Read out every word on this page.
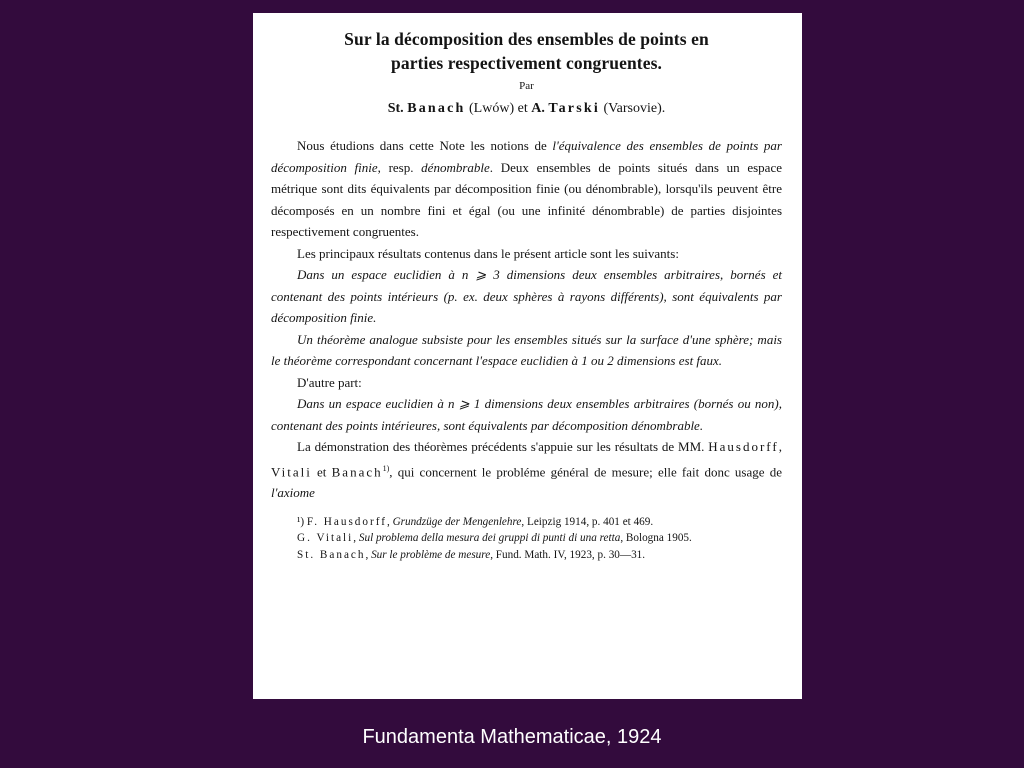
Sur la décomposition des ensembles de points en
parties respectivement congruentes.
Par
St. Banach (Lwów) et A. Tarski (Varsovie).

Nous étudions dans cette Note les notions de l'équivalence des ensembles de points par décomposition finie, resp. dénombrable. Deux ensembles de points situés dans un espace métrique sont dits équivalents par décomposition finie (ou dénombrable), lorsqu'ils peuvent être décomposés en un nombre fini et égal (ou une infinité dénombrable) de parties disjointes respectivement congruentes.

Les principaux résultats contenus dans le présent article sont les suivants:

Dans un espace euclidien à n ⩾ 3 dimensions deux ensembles arbitraires, bornés et contenant des points intérieurs (p. ex. deux sphères à rayons différents), sont équivalents par décomposition finie.

Un théorème analogue subsiste pour les ensembles situés sur la surface d'une sphère; mais le théorème correspondant concernant l'espace euclidien à 1 ou 2 dimensions est faux.

D'autre part:

Dans un espace euclidien à n ⩾ 1 dimensions deux ensembles arbitraires (bornés ou non), contenant des points intérieures, sont équivalents par décomposition dénombrable.

La démonstration des théorèmes précédents s'appuie sur les résultats de MM. Hausdorff, Vitali et Banach$^{1)}$, qui concernent le probléme général de mesure; elle fait donc usage de l'axiome

¹) F. Hausdorff, Grundzüge der Mengenlehre, Leipzig 1914, p. 401 et 469.

G. Vitali, Sul problema della mesura dei gruppi di punti di una retta, Bologna 1905.

St. Banach, Sur le problème de mesure, Fund. Math. IV, 1923, p. 30—31.

Fundamenta Mathematicae, 1924
